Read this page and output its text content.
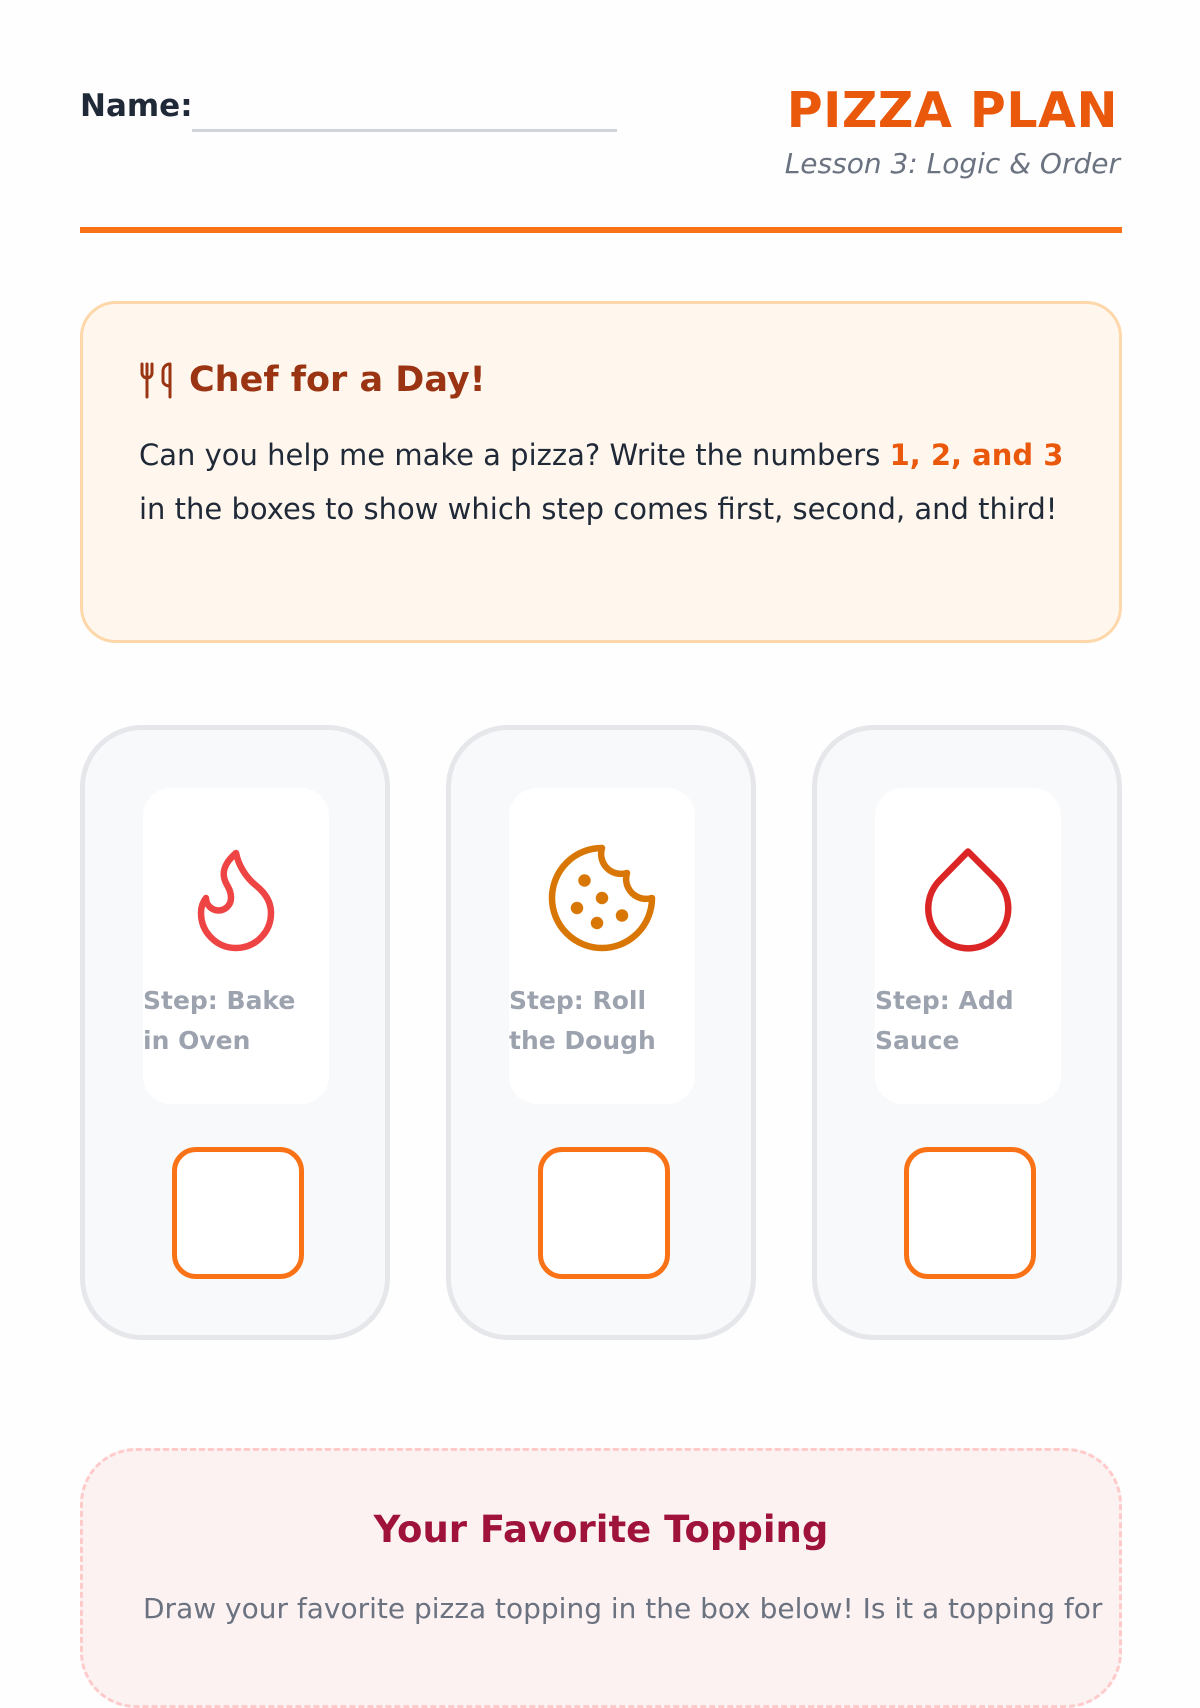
Name:	PIZZA PLAN
Lesson 3: Logic & Order
Chef for a Day!
Can you help me make a pizza? Write the numbers 1, 2, and 3 in the boxes to show which step comes first, second, and third!
Step: Bake in Oven
Step: Roll the Dough
Step: Add Sauce
Your Favorite Topping
Draw your favorite pizza topping in the box below! Is it a topping for
